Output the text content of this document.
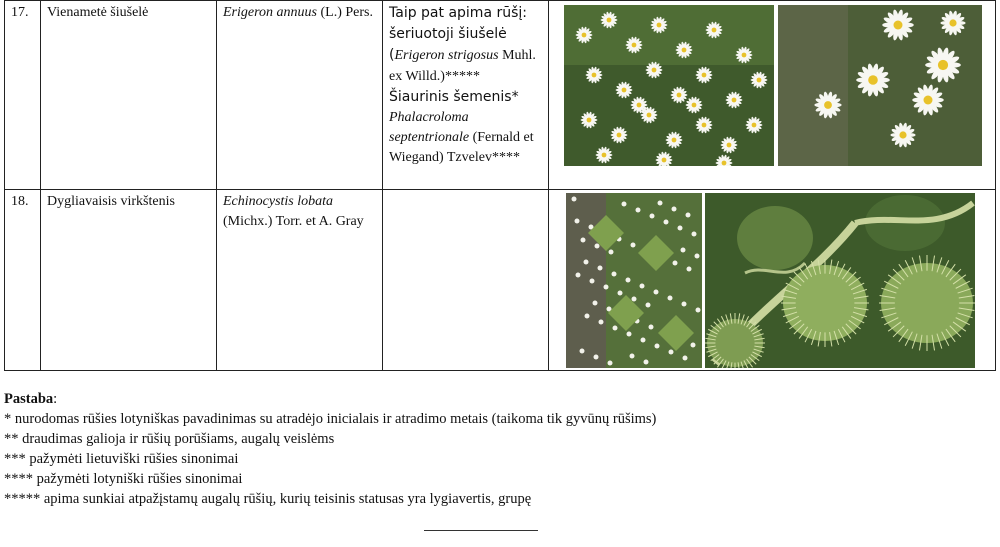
17.	Vienametė šiušelė	Erigeron annuus (L.) Pers.	Taip pat apima rūšį: šeriuotoji šiušelė (Erigeron strigosus Muhl. ex Willd.)***** Šiaurinis šemenis* Phalacroloma septentrionale (Fernald et Wiegand) Tzvelev****	

18.	Dygliavaisis virkštenis	Echinocystis lobata (Michx.) Torr. et A. Gray		
Pastaba:
* nurodomas rūšies lotyniškas pavadinimas su atradėjo inicialais ir atradimo metais (taikoma tik gyvūnų rūšims)
** draudimas galioja ir rūšių porūšiams, augalų veislėms
*** pažymėti lietuviški rūšies sinonimai
**** pažymėti lotyniški rūšies sinonimai
***** apima sunkiai atpažįstamų augalų rūšių, kurių teisinis statusas yra lygiavertis, grupę
